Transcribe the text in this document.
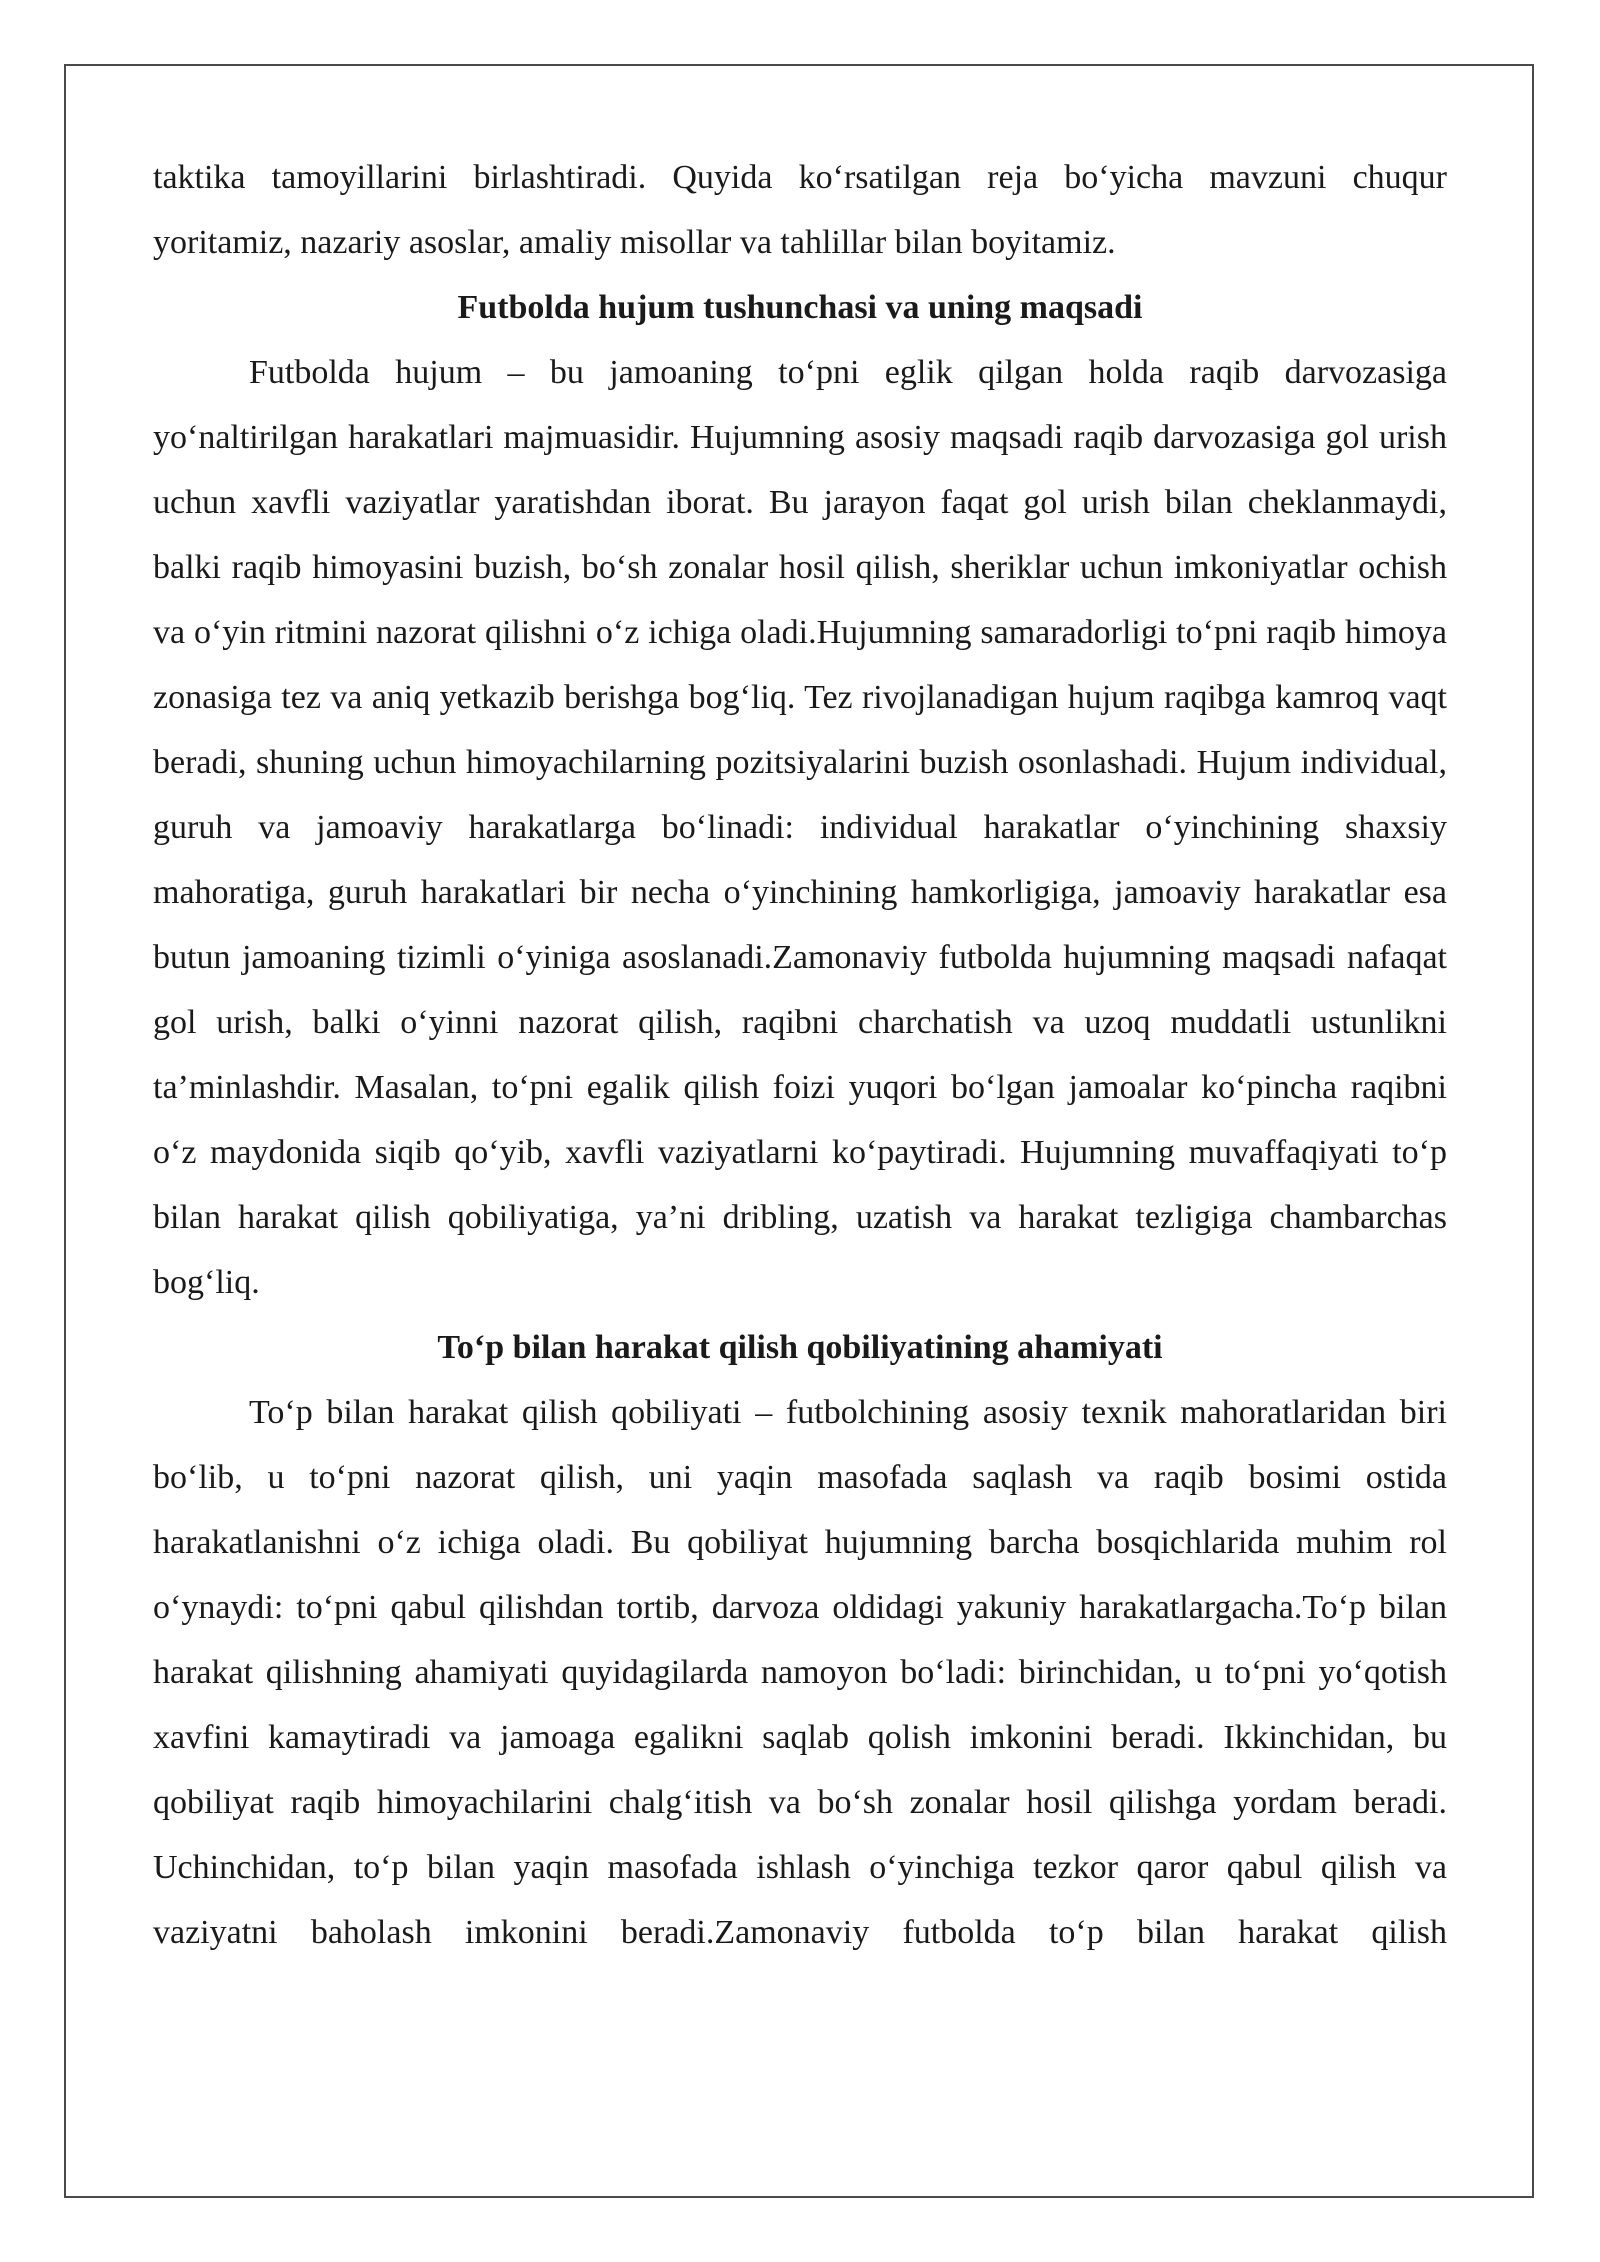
taktika tamoyillarini birlashtiradi. Quyida ko‘rsatilgan reja bo‘yicha mavzuni chuqur yoritamiz, nazariy asoslar, amaliy misollar va tahlillar bilan boyitamiz.

Futbolda hujum tushunchasi va uning maqsadi

Futbolda hujum – bu jamoaning to‘pni eglik qilgan holda raqib darvozasiga yo‘naltirilgan harakatlari majmuasidir. Hujumning asosiy maqsadi raqib darvozasiga gol urish uchun xavfli vaziyatlar yaratishdan iborat. Bu jarayon faqat gol urish bilan cheklanmaydi, balki raqib himoyasini buzish, bo‘sh zonalar hosil qilish, sheriklar uchun imkoniyatlar ochish va o‘yin ritmini nazorat qilishni o‘z ichiga oladi.Hujumning samaradorligi to‘pni raqib himoya zonasiga tez va aniq yetkazib berishga bog‘liq. Tez rivojlanadigan hujum raqibga kamroq vaqt beradi, shuning uchun himoyachilarning pozitsiyalarini buzish osonlashadi. Hujum individual, guruh va jamoaviy harakatlarga bo‘linadi: individual harakatlar o‘yinchining shaxsiy mahoratiga, guruh harakatlari bir necha o‘yinchining hamkorligiga, jamoaviy harakatlar esa butun jamoaning tizimli o‘yiniga asoslanadi.Zamonaviy futbolda hujumning maqsadi nafaqat gol urish, balki o‘yinni nazorat qilish, raqibni charchatish va uzoq muddatli ustunlikni ta’minlashdir. Masalan, to‘pni egalik qilish foizi yuqori bo‘lgan jamoalar ko‘pincha raqibni o‘z maydonida siqib qo‘yib, xavfli vaziyatlarni ko‘paytiradi. Hujumning muvaffaqiyati to‘p bilan harakat qilish qobiliyatiga, ya’ni dribling, uzatish va harakat tezligiga chambarchas bog‘liq.

To‘p bilan harakat qilish qobiliyatining ahamiyati

To‘p bilan harakat qilish qobiliyati – futbolchining asosiy texnik mahoratlaridan biri bo‘lib, u to‘pni nazorat qilish, uni yaqin masofada saqlash va raqib bosimi ostida harakatlanishni o‘z ichiga oladi. Bu qobiliyat hujumning barcha bosqichlarida muhim rol o‘ynaydi: to‘pni qabul qilishdan tortib, darvoza oldidagi yakuniy harakatlargacha.To‘p bilan harakat qilishning ahamiyati quyidagilarda namoyon bo‘ladi: birinchidan, u to‘pni yo‘qotish xavfini kamaytiradi va jamoaga egalikni saqlab qolish imkonini beradi. Ikkinchidan, bu qobiliyat raqib himoyachilarini chalg‘itish va bo‘sh zonalar hosil qilishga yordam beradi. Uchinchidan, to‘p bilan yaqin masofada ishlash o‘yinchiga tezkor qaror qabul qilish va vaziyatni baholash imkonini beradi.Zamonaviy futbolda to‘p bilan harakat qilish
